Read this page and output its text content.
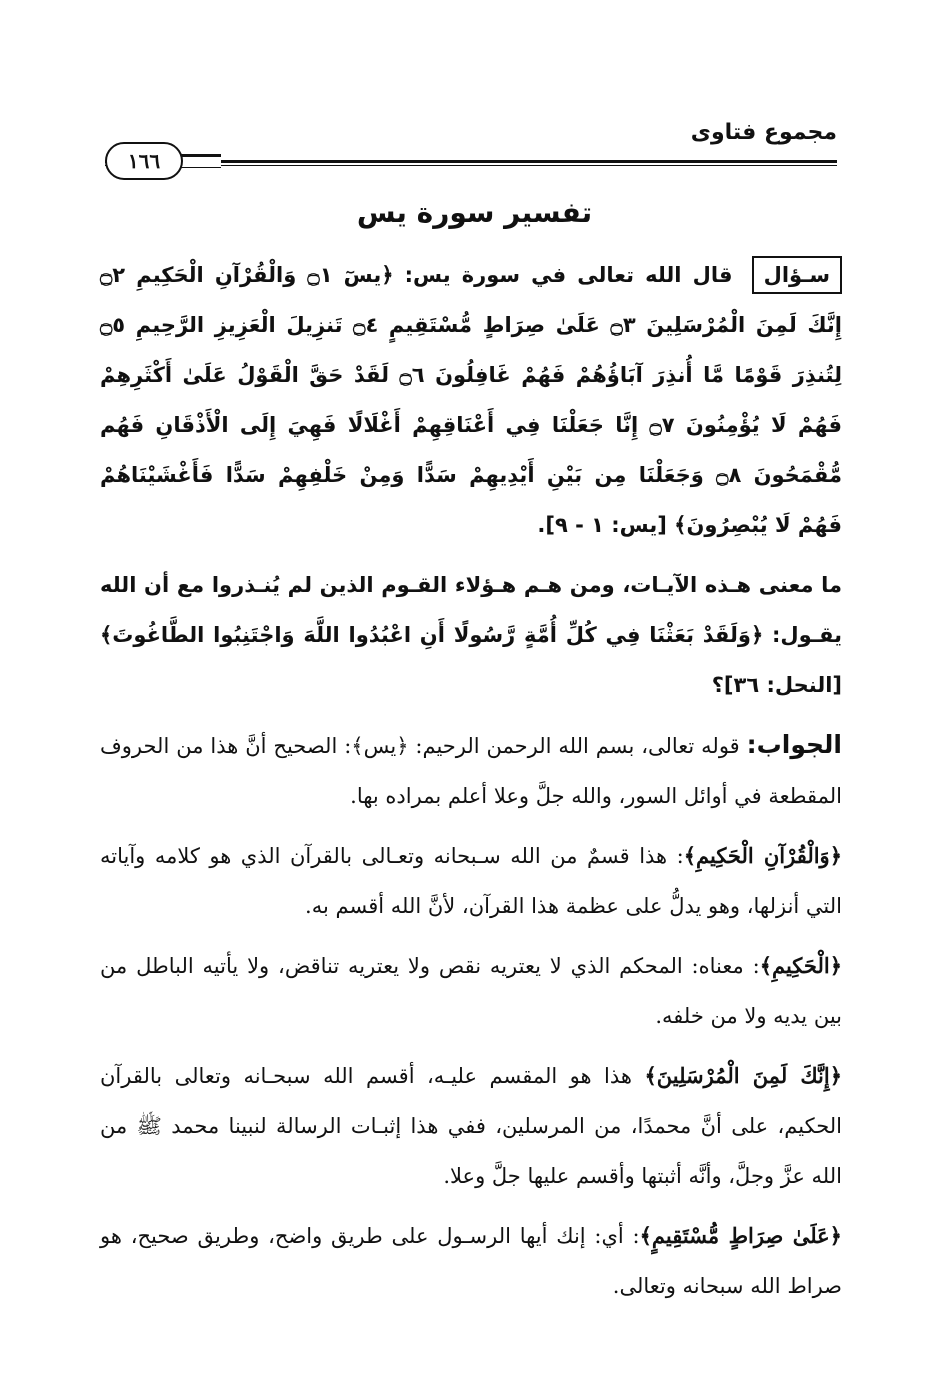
مجموع فتاوى
١٦٦
تفسير سورة يس

سـؤال قال الله تعالى في سورة يس: ﴿يسٓ ۝١ وَالْقُرْآنِ الْحَكِيمِ ۝٢ إِنَّكَ لَمِنَ الْمُرْسَلِينَ ۝٣ عَلَىٰ صِرَاطٍ مُّسْتَقِيمٍ ۝٤ تَنزِيلَ الْعَزِيزِ الرَّحِيمِ ۝٥ لِتُنذِرَ قَوْمًا مَّا أُنذِرَ آبَاؤُهُمْ فَهُمْ غَافِلُونَ ۝٦ لَقَدْ حَقَّ الْقَوْلُ عَلَىٰ أَكْثَرِهِمْ فَهُمْ لَا يُؤْمِنُونَ ۝٧ إِنَّا جَعَلْنَا فِي أَعْنَاقِهِمْ أَغْلَالًا فَهِيَ إِلَى الْأَذْقَانِ فَهُم مُّقْمَحُونَ ۝٨ وَجَعَلْنَا مِن بَيْنِ أَيْدِيهِمْ سَدًّا وَمِنْ خَلْفِهِمْ سَدًّا فَأَغْشَيْنَاهُمْ فَهُمْ لَا يُبْصِرُونَ﴾ [يس: ١ - ٩].

ما معنى هـذه الآيـات، ومن هـم هـؤلاء القـوم الذين لم يُنـذروا مع أن الله يقـول: ﴿وَلَقَدْ بَعَثْنَا فِي كُلِّ أُمَّةٍ رَّسُولًا أَنِ اعْبُدُوا اللَّهَ وَاجْتَنِبُوا الطَّاغُوتَ﴾ [النحل: ٣٦]؟

الجواب: قوله تعالى، بسم الله الرحمن الرحيم: ﴿يس﴾: الصحيح أنَّ هذا من الحروف المقطعة في أوائل السور، والله جلَّ وعلا أعلم بمراده بها.

﴿وَالْقُرْآنِ الْحَكِيمِ﴾: هذا قسمٌ من الله سـبحانه وتعـالى بالقرآن الذي هو كلامه وآياته التي أنزلها، وهو يدلُّ على عظمة هذا القرآن، لأنَّ الله أقسم به.

﴿الْحَكِيمِ﴾: معناه: المحكم الذي لا يعتريه نقص ولا يعتريه تناقض، ولا يأتيه الباطل من بين يديه ولا من خلفه.

﴿إِنَّكَ لَمِنَ الْمُرْسَلِينَ﴾ هذا هو المقسم عليـه، أقسم الله سبحـانه وتعالى بالقرآن الحكيم، على أنَّ محمدًا، من المرسلين، ففي هذا إثبـات الرسالة لنبينا محمد ﷺ من الله عزَّ وجلَّ، وأنَّه أثبتها وأقسم عليها جلَّ وعلا.

﴿عَلَىٰ صِرَاطٍ مُّسْتَقِيمٍ﴾: أي: إنك أيها الرسـول على طريق واضح، وطريق صحيح، هو صراط الله سبحانه وتعالى.
